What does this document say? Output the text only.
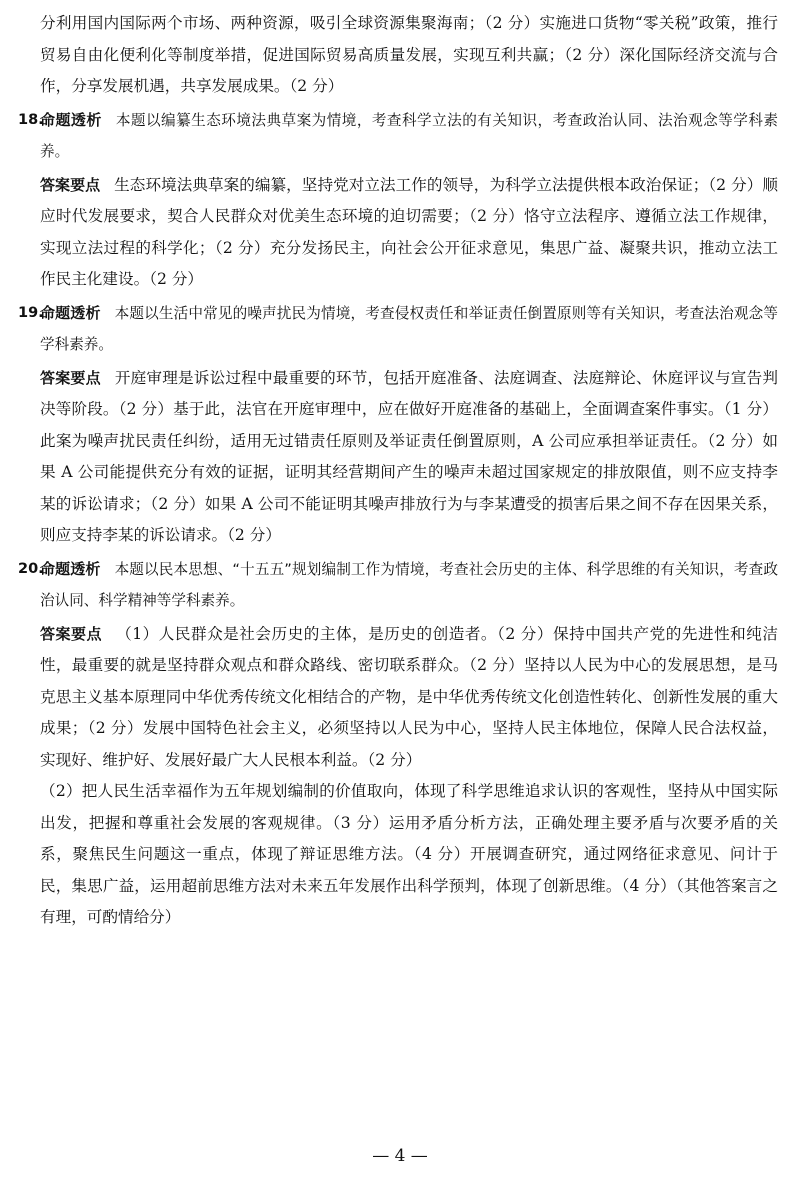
分利用国内国际两个市场、两种资源，吸引全球资源集聚海南；（2 分）实施进口货物“零关税”政策，推行贸易自由化便利化等制度举措，促进国际贸易高质量发展，实现互利共赢；（2 分）深化国际经济交流与合作，分享发展机遇，共享发展成果。（2 分）

18.
命题透析 本题以编纂生态环境法典草案为情境，考查科学立法的有关知识，考查政治认同、法治观念等学科素养。

答案要点 生态环境法典草案的编纂，坚持党对立法工作的领导，为科学立法提供根本政治保证；（2 分）顺应时代发展要求，契合人民群众对优美生态环境的迫切需要；（2 分）恪守立法程序、遵循立法工作规律，实现立法过程的科学化；（2 分）充分发扬民主，向社会公开征求意见，集思广益、凝聚共识，推动立法工作民主化建设。（2 分）

19.
命题透析 本题以生活中常见的噪声扰民为情境，考查侵权责任和举证责任倒置原则等有关知识，考查法治观念等学科素养。

答案要点 开庭审理是诉讼过程中最重要的环节，包括开庭准备、法庭调查、法庭辩论、休庭评议与宣告判决等阶段。（2 分）基于此，法官在开庭审理中，应在做好开庭准备的基础上，全面调查案件事实。（1 分）此案为噪声扰民责任纠纷，适用无过错责任原则及举证责任倒置原则，A 公司应承担举证责任。（2 分）如果 A 公司能提供充分有效的证据，证明其经营期间产生的噪声未超过国家规定的排放限值，则不应支持李某的诉讼请求；（2 分）如果 A 公司不能证明其噪声排放行为与李某遭受的损害后果之间不存在因果关系，则应支持李某的诉讼请求。（2 分）

20.
命题透析 本题以民本思想、“十五五”规划编制工作为情境，考查社会历史的主体、科学思维的有关知识，考查政治认同、科学精神等学科素养。

答案要点 （1）人民群众是社会历史的主体，是历史的创造者。（2 分）保持中国共产党的先进性和纯洁性，最重要的就是坚持群众观点和群众路线、密切联系群众。（2 分）坚持以人民为中心的发展思想，是马克思主义基本原理同中华优秀传统文化相结合的产物，是中华优秀传统文化创造性转化、创新性发展的重大成果；（2 分）发展中国特色社会主义，必须坚持以人民为中心，坚持人民主体地位，保障人民合法权益，实现好、维护好、发展好最广大人民根本利益。（2 分）

（2）把人民生活幸福作为五年规划编制的价值取向，体现了科学思维追求认识的客观性，坚持从中国实际出发，把握和尊重社会发展的客观规律。（3 分）运用矛盾分析方法，正确处理主要矛盾与次要矛盾的关系，聚焦民生问题这一重点，体现了辩证思维方法。（4 分）开展调查研究，通过网络征求意见、问计于民，集思广益，运用超前思维方法对未来五年发展作出科学预判，体现了创新思维。（4 分）（其他答案言之有理，可酌情给分）

— 4 —
